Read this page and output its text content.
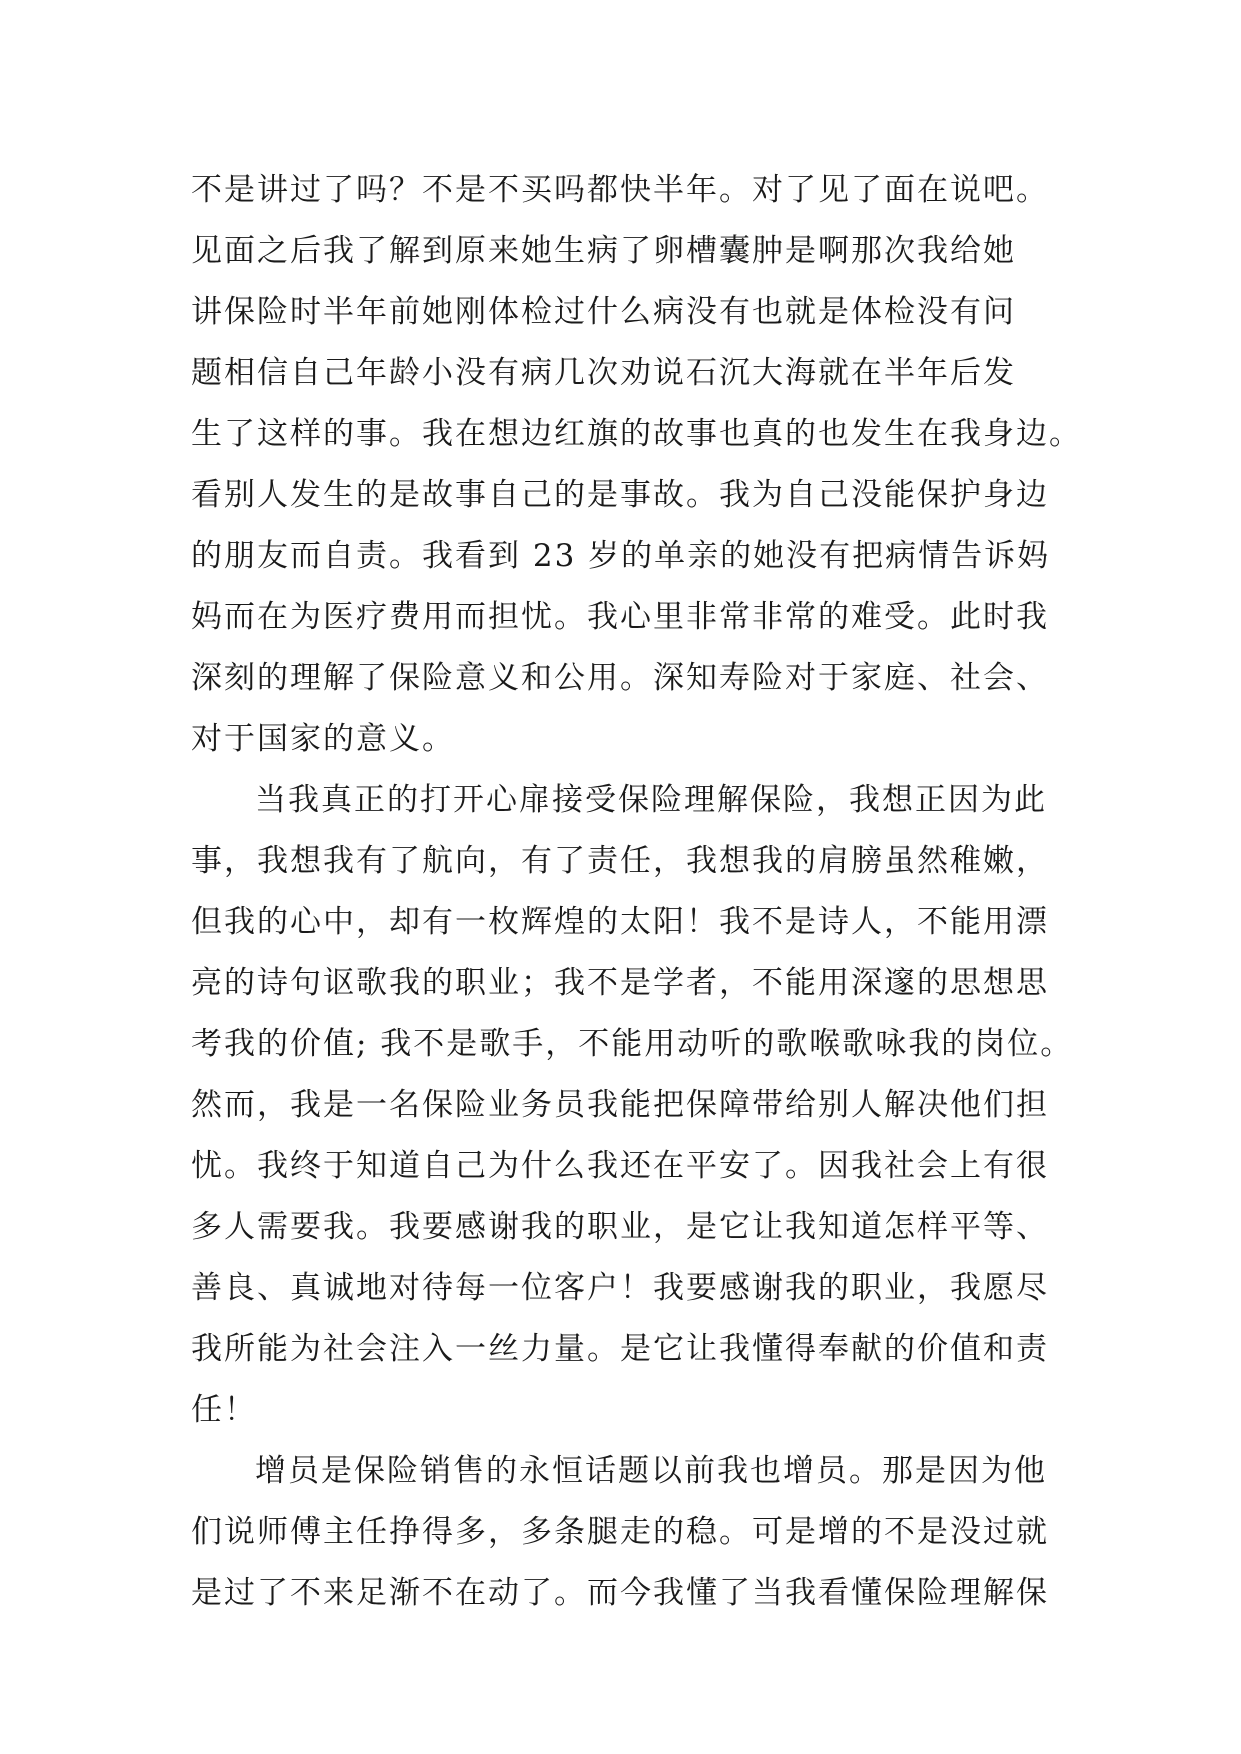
不是讲过了吗？不是不买吗都快半年。对了见了面在说吧。
见面之后我了解到原来她生病了卵槽囊肿是啊那次我给她
讲保险时半年前她刚体检过什么病没有也就是体检没有问
题相信自己年龄小没有病几次劝说石沉大海就在半年后发
生了这样的事。我在想边红旗的故事也真的也发生在我身边。
看别人发生的是故事自己的是事故。我为自己没能保护身边
的朋友而自责。我看到 23 岁的单亲的她没有把病情告诉妈
妈而在为医疗费用而担忧。我心里非常非常的难受。此时我
深刻的理解了保险意义和公用。深知寿险对于家庭、社会、
对于国家的意义。
当我真正的打开心扉接受保险理解保险，我想正因为此
事，我想我有了航向，有了责任，我想我的肩膀虽然稚嫩，
但我的心中，却有一枚辉煌的太阳！我不是诗人，不能用漂
亮的诗句讴歌我的职业；我不是学者，不能用深邃的思想思
考我的价值; 我不是歌手，不能用动听的歌喉歌咏我的岗位。
然而，我是一名保险业务员我能把保障带给别人解决他们担
忧。我终于知道自己为什么我还在平安了。因我社会上有很
多人需要我。我要感谢我的职业，是它让我知道怎样平等、
善良、真诚地对待每一位客户！我要感谢我的职业，我愿尽
我所能为社会注入一丝力量。是它让我懂得奉献的价值和责
任！
增员是保险销售的永恒话题以前我也增员。那是因为他
们说师傅主任挣得多，多条腿走的稳。可是增的不是没过就
是过了不来足渐不在动了。而今我懂了当我看懂保险理解保
